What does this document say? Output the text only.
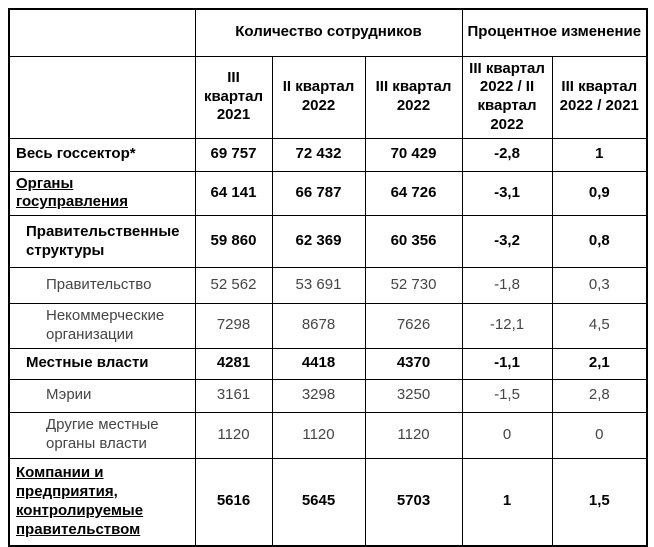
	Количество сотрудников			Процентное изменение	
	III квартал 2021	II квартал 2022	III квартал 2022	III квартал 2022 / II квартал 2022	III квартал 2022 / 2021
Весь госсектор*	69 757	72 432	70 429	-2,8	1
Органы госуправления	64 141	66 787	64 726	-3,1	0,9
Правительственные структуры	59 860	62 369	60 356	-3,2	0,8
Правительство	52 562	53 691	52 730	-1,8	0,3
Некоммерческие организации	7298	8678	7626	-12,1	4,5
Местные власти	4281	4418	4370	-1,1	2,1
Мэрии	3161	3298	3250	-1,5	2,8
Другие местные органы власти	1120	1120	1120	0	0
Компании и предприятия, контролируемые правительством	5616	5645	5703	1	1,5
